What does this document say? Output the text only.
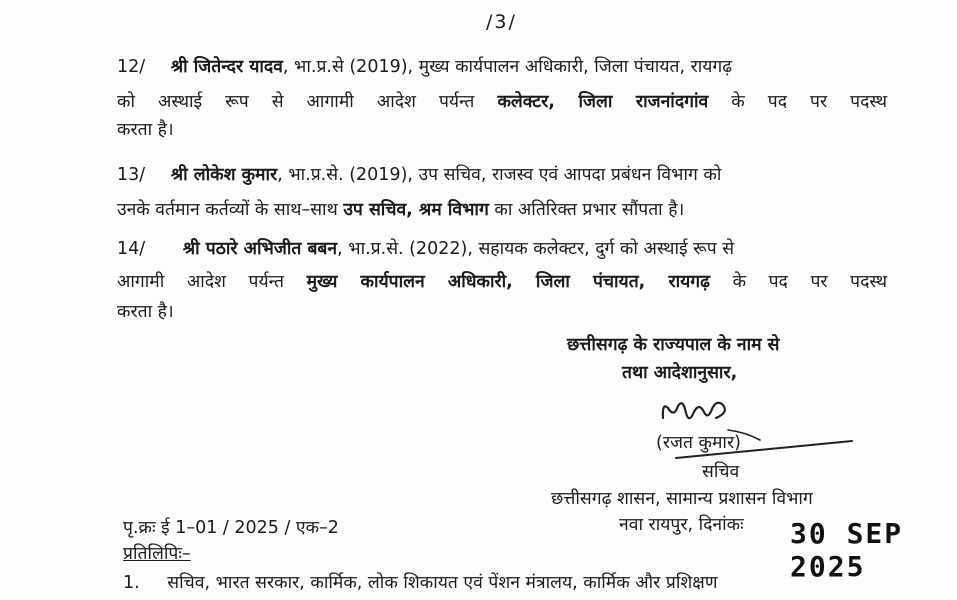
/3/
12/ श्री जितेन्दर यादव, भा.प्र.से (2019), मुख्य कार्यपालन अधिकारी, जिला पंचायत, रायगढ़
को अस्थाई रूप से आगामी आदेश पर्यन्त कलेक्टर, जिला राजनांदगांव के पद पर पदस्थ
करता है।
13/ श्री लोकेश कुमार, भा.प्र.से. (2019), उप सचिव, राजस्व एवं आपदा प्रबंधन विभाग को
उनके वर्तमान कर्तव्यों के साथ–साथ उप सचिव, श्रम विभाग का अतिरिक्त प्रभार सौंपता है।
14/ श्री पठारे अभिजीत बबन, भा.प्र.से. (2022), सहायक कलेक्टर, दुर्ग को अस्थाई रूप से
आगामी आदेश पर्यन्त मुख्य कार्यपालन अधिकारी, जिला पंचायत, रायगढ़ के पद पर पदस्थ
करता है।
छत्तीसगढ़ के राज्यपाल के नाम से
तथा आदेशानुसार,
(रजत कुमार)
सचिव
छत्तीसगढ़ शासन, सामान्य प्रशासन विभाग
नवा रायपुर, दिनांकः 30 SEP 2025
पृ.क्रः ई 1–01 / 2025 / एक–2
प्रतिलिपिः–
1. सचिव, भारत सरकार, कार्मिक, लोक शिकायत एवं पेंशन मंत्रालय, कार्मिक और प्रशिक्षण
